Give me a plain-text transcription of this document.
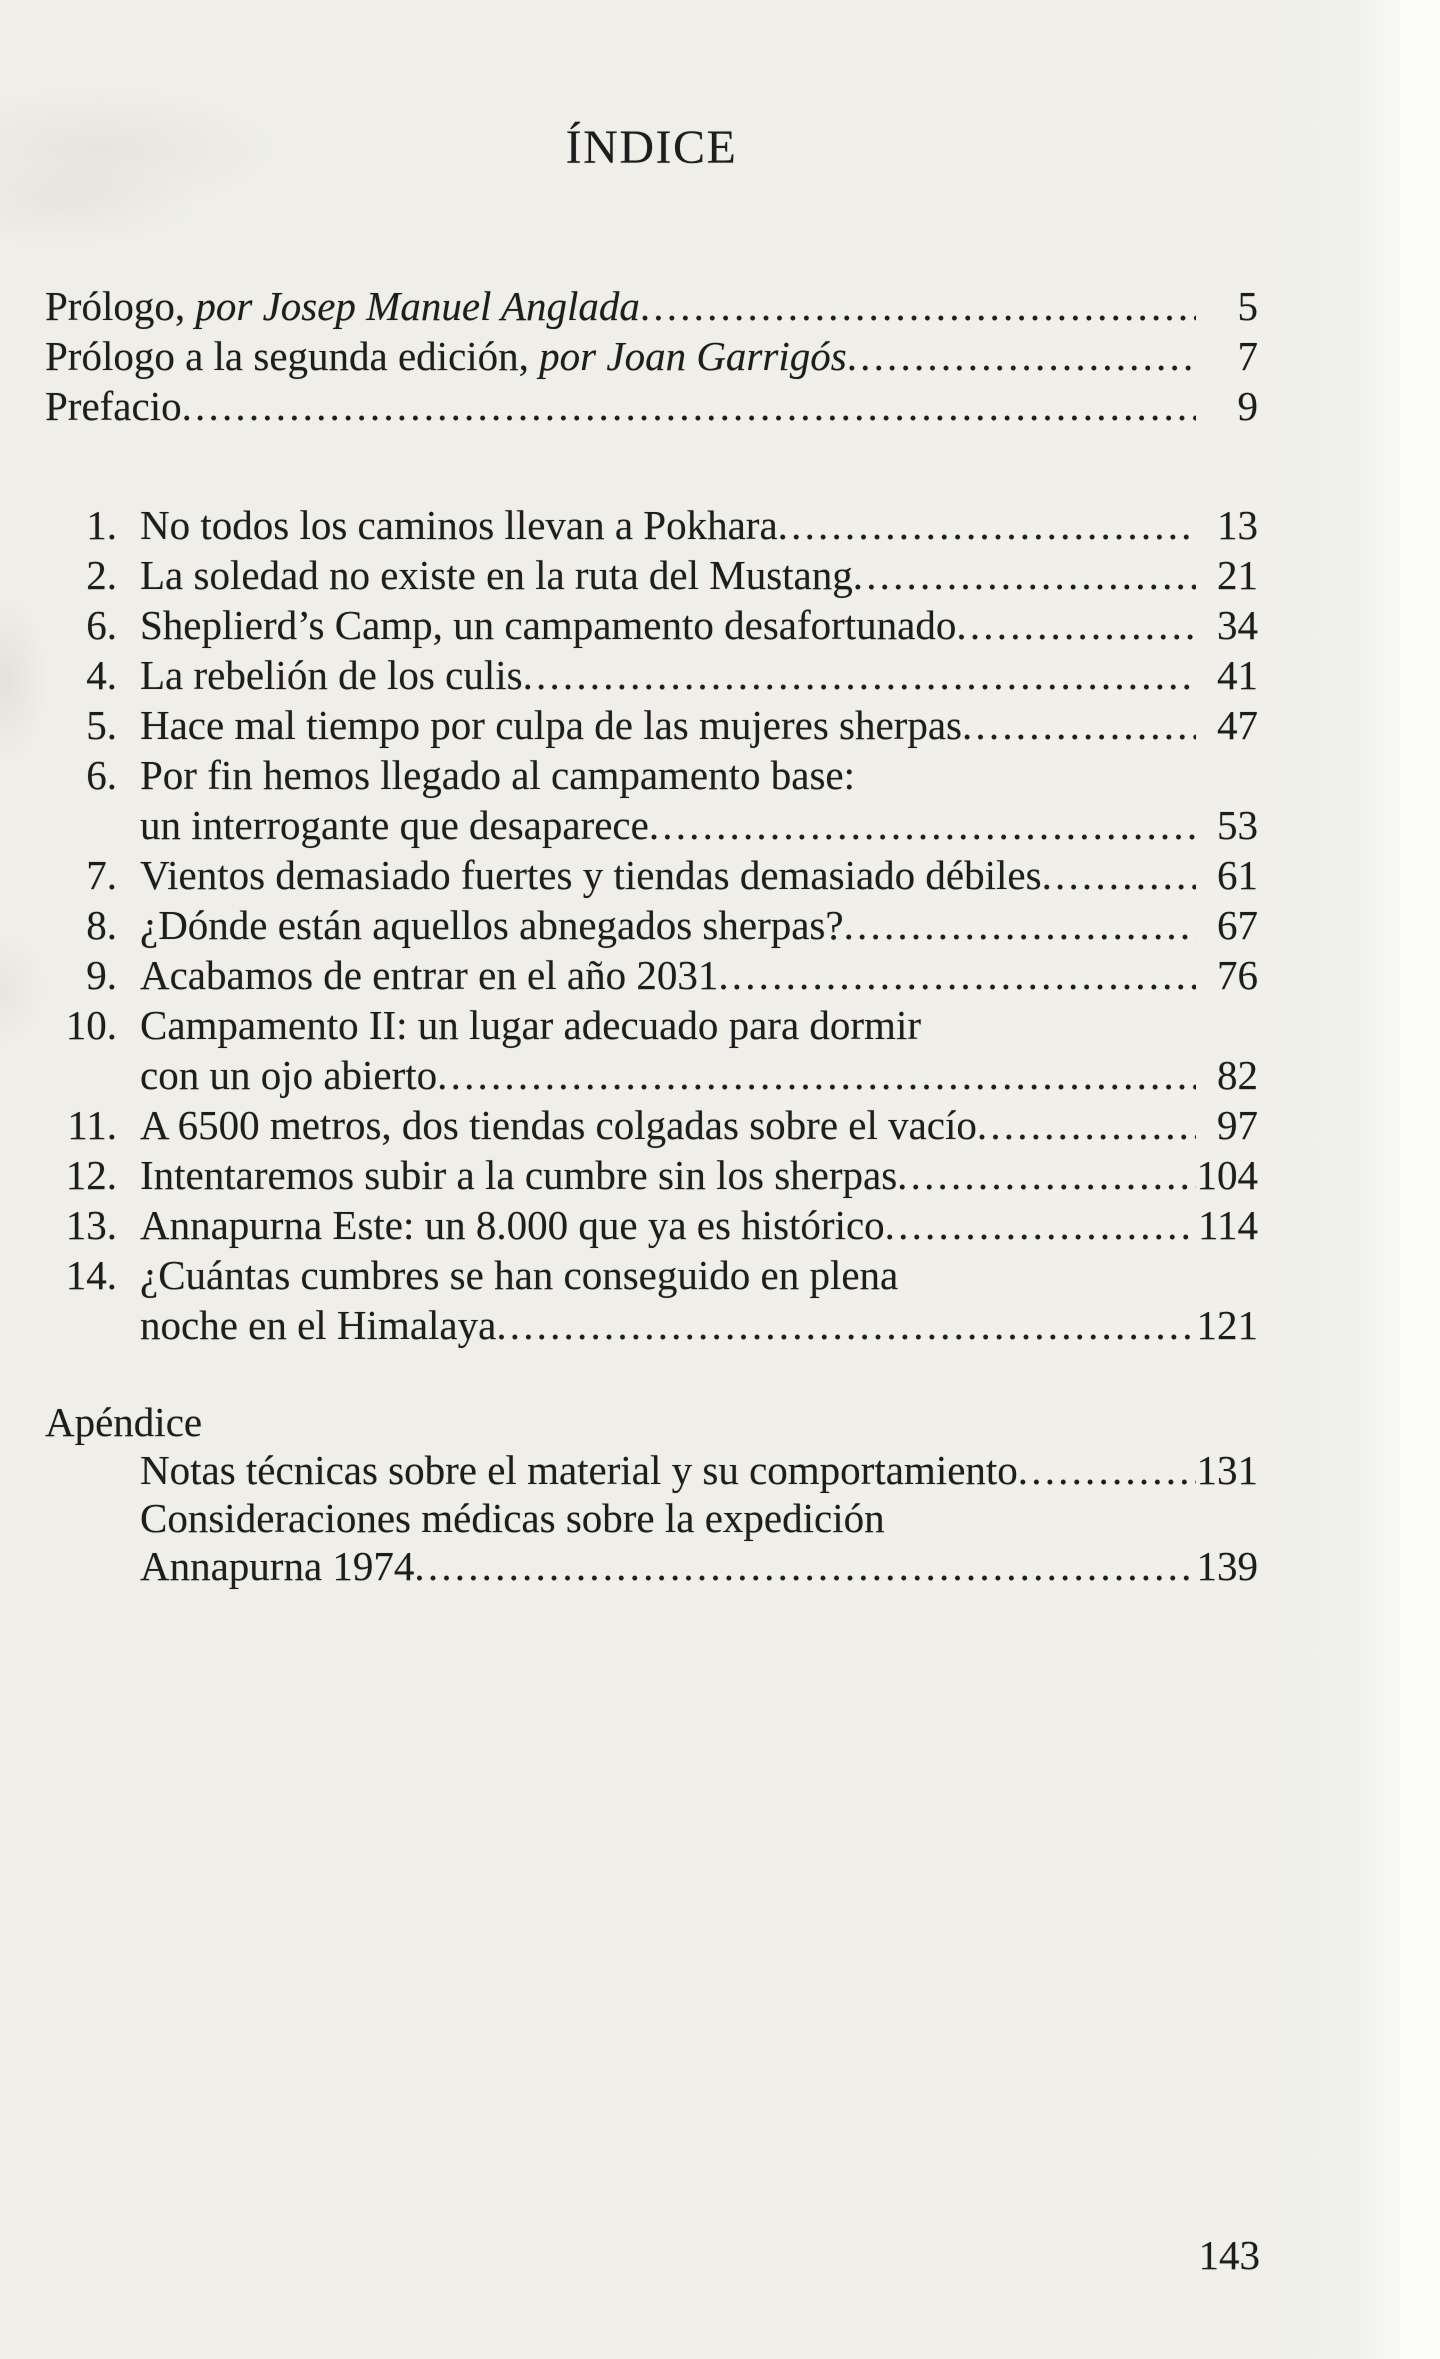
ÍNDICE
Prólogo, por Josep Manuel Anglada .....	5
Prólogo a la segunda edición, por Joan Garrigós .....	7
Prefacio .....	9
1. No todos los caminos llevan a Pokhara .....	13
2. La soledad no existe en la ruta del Mustang .....	21
6. Sheplierd’s Camp, un campamento desafortunado .....	34
4. La rebelión de los culis .....	41
5. Hace mal tiempo por culpa de las mujeres sherpas .....	47
6. Por fin hemos llegado al campamento base:
un interrogante que desaparece .....	53
7. Vientos demasiado fuertes y tiendas demasiado débiles .....	61
8. ¿Dónde están aquellos abnegados sherpas? .....	67
9. Acabamos de entrar en el año 2031 .....	76
10. Campamento II: un lugar adecuado para dormir
con un ojo abierto .....	82
11. A 6500 metros, dos tiendas colgadas sobre el vacío .....	97
12. Intentaremos subir a la cumbre sin los sherpas .....	104
13. Annapurna Este: un 8.000 que ya es histórico .....	114
14. ¿Cuántas cumbres se han conseguido en plena
noche en el Himalaya .....	121
Apéndice
Notas técnicas sobre el material y su comportamiento .....	131
Consideraciones médicas sobre la expedición
Annapurna 1974 .....	139
143
